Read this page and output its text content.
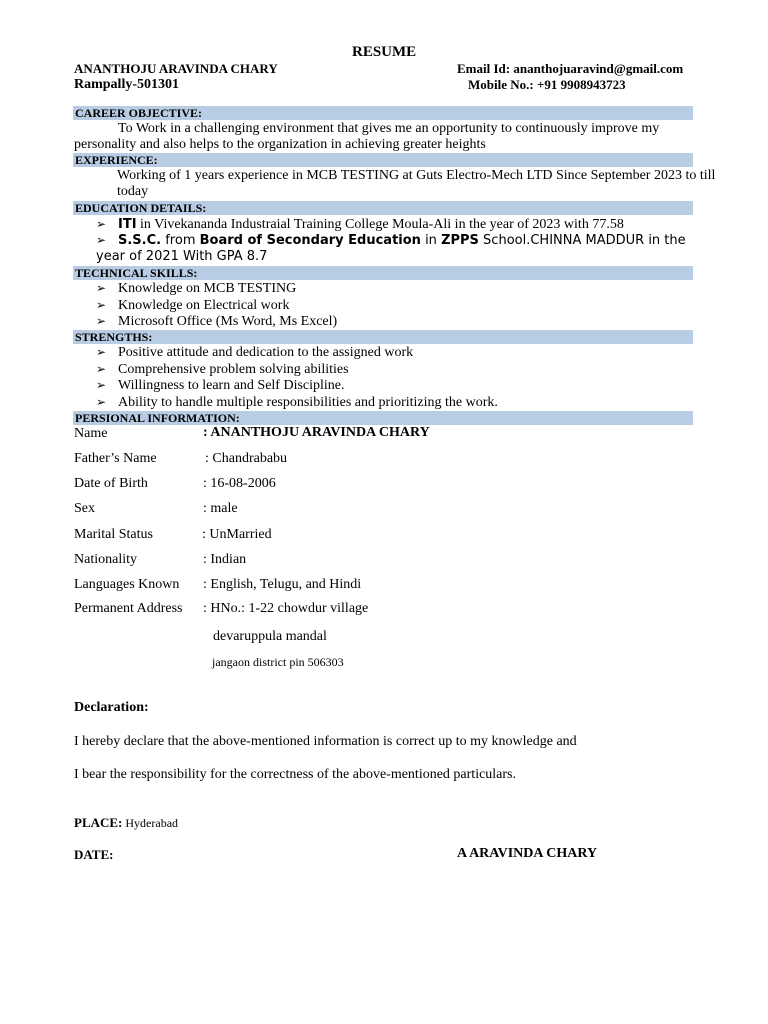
RESUME
ANANTHOJU ARAVINDA CHARY
Rampally-501301
Email Id: ananthojuaravind@gmail.com
Mobile No.: +91 9908943723
CAREER OBJECTIVE:
To Work in a challenging environment that gives me an opportunity to continuously improve my personality and also helps to the organization in achieving greater heights
EXPERIENCE:
Working of 1 years experience in MCB TESTING at Guts Electro-Mech LTD Since September 2023 to till today
EDUCATION DETAILS:
➢ ITI in Vivekananda Industraial Training College Moula-Ali in the year of 2023 with 77.58
➢ S.S.C. from Board of Secondary Education in ZPPS School.CHINNA MADDUR in the year of 2021 With GPA 8.7
TECHNICAL SKILLS:
➢ Knowledge on MCB TESTING
➢ Knowledge on Electrical work
➢ Microsoft Office (Ms Word, Ms Excel)
STRENGTHS:
➢ Positive attitude and dedication to the assigned work
➢ Comprehensive problem solving abilities
➢ Willingness to learn and Self Discipline.
➢ Ability to handle multiple responsibilities and prioritizing the work.
PERSIONAL INFORMATION:
Name	: ANANTHOJU ARAVINDA CHARY
Father’s Name	: Chandrababu
Date of Birth	: 16-08-2006
Sex	: male
Marital Status	: UnMarried
Nationality	: Indian
Languages Known : English, Telugu, and Hindi
Permanent Address : HNo.: 1-22 chowdur village
devaruppula mandal
jangaon district pin 506303
Declaration:
I hereby declare that the above-mentioned information is correct up to my knowledge and
I bear the responsibility for the correctness of the above-mentioned particulars.
PLACE: Hyderabad
DATE:	A ARAVINDA CHARY
